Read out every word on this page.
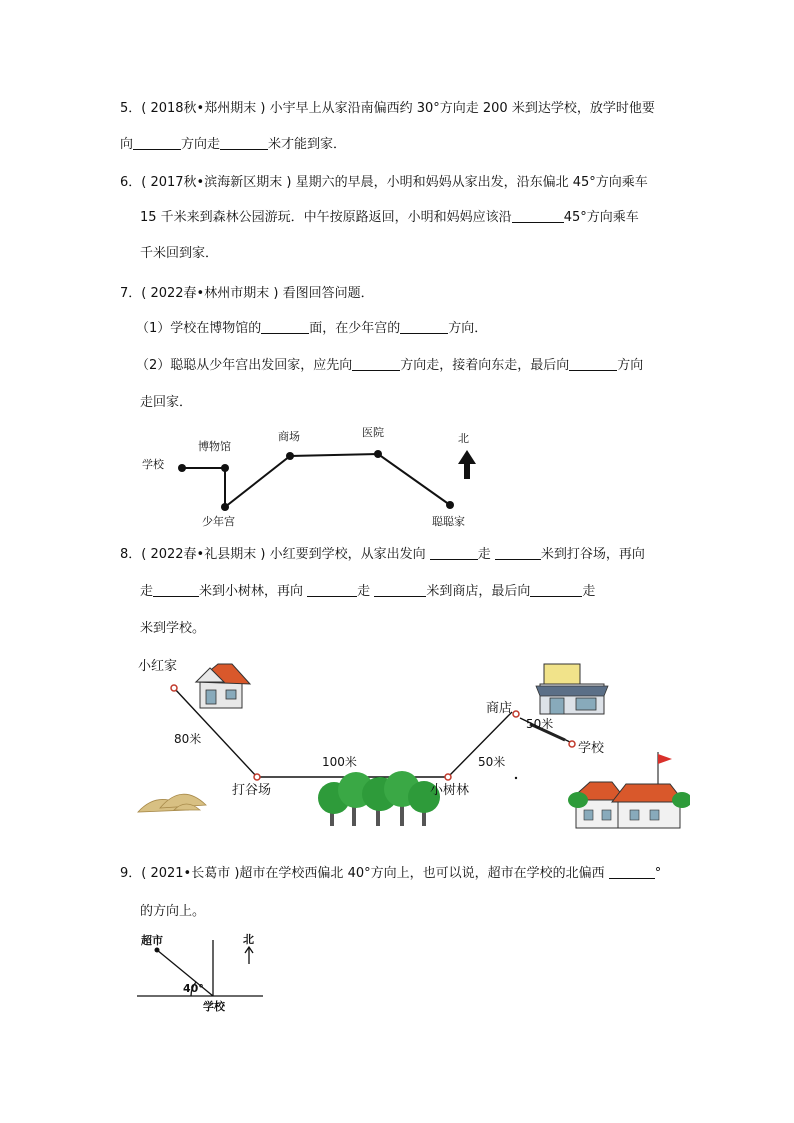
5．( 2018秋•郑州期末 ) 小宇早上从家沿南偏西约 30°方向走 200 米到达学校，放学时他要
向	方向走	米才能到家．
6．( 2017秋•滨海新区期末 ) 星期六的早晨，小明和妈妈从家出发，沿东偏北 45°方向乘车
15 千米来到森林公园游玩．中午按原路返回，小明和妈妈应该沿	45°方向乘车
千米回到家．
7．( 2022春•林州市期末 ) 看图回答问题．
（1）学校在博物馆的	面，在少年宫的	方向．
（2）聪聪从少年宫出发回家，应先向	方向走，接着向东走，最后向	方向
走回家．
学校
博物馆
少年宫
商场	医院
聪聪家
北
8．( 2022春•礼县期末 ) 小红要到学校，从家出发向	走	米到打谷场，再向
走	米到小树林，再向	走	米到商店，最后向	走
米到学校。
小红家
打谷场	小树林
商店
学校
80米
100米	50米
50米
9．( 2021•长葛市 )超市在学校西偏北 40°方向上，也可以说，超市在学校的北偏西	°
的方向上。
超市	北
40°
学校
